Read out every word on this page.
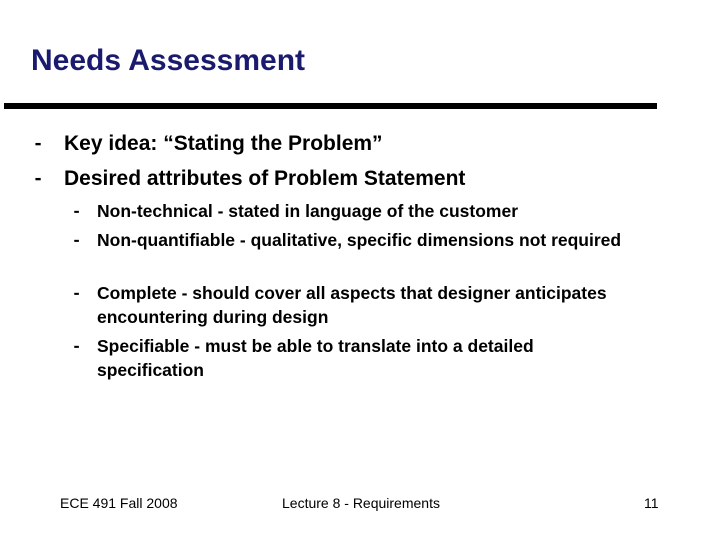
Needs Assessment
⁃ Key idea: “Stating the Problem”
⁃ Desired attributes of Problem Statement
⁃ Non-technical - stated in language of the customer
⁃ Non-quantifiable - qualitative, specific dimensions not required
⁃ Complete - should cover all aspects that designer anticipates encountering during design
⁃ Specifiable - must be able to translate into a detailed specification
ECE 491 Fall 2008	Lecture 8 - Requirements	11
